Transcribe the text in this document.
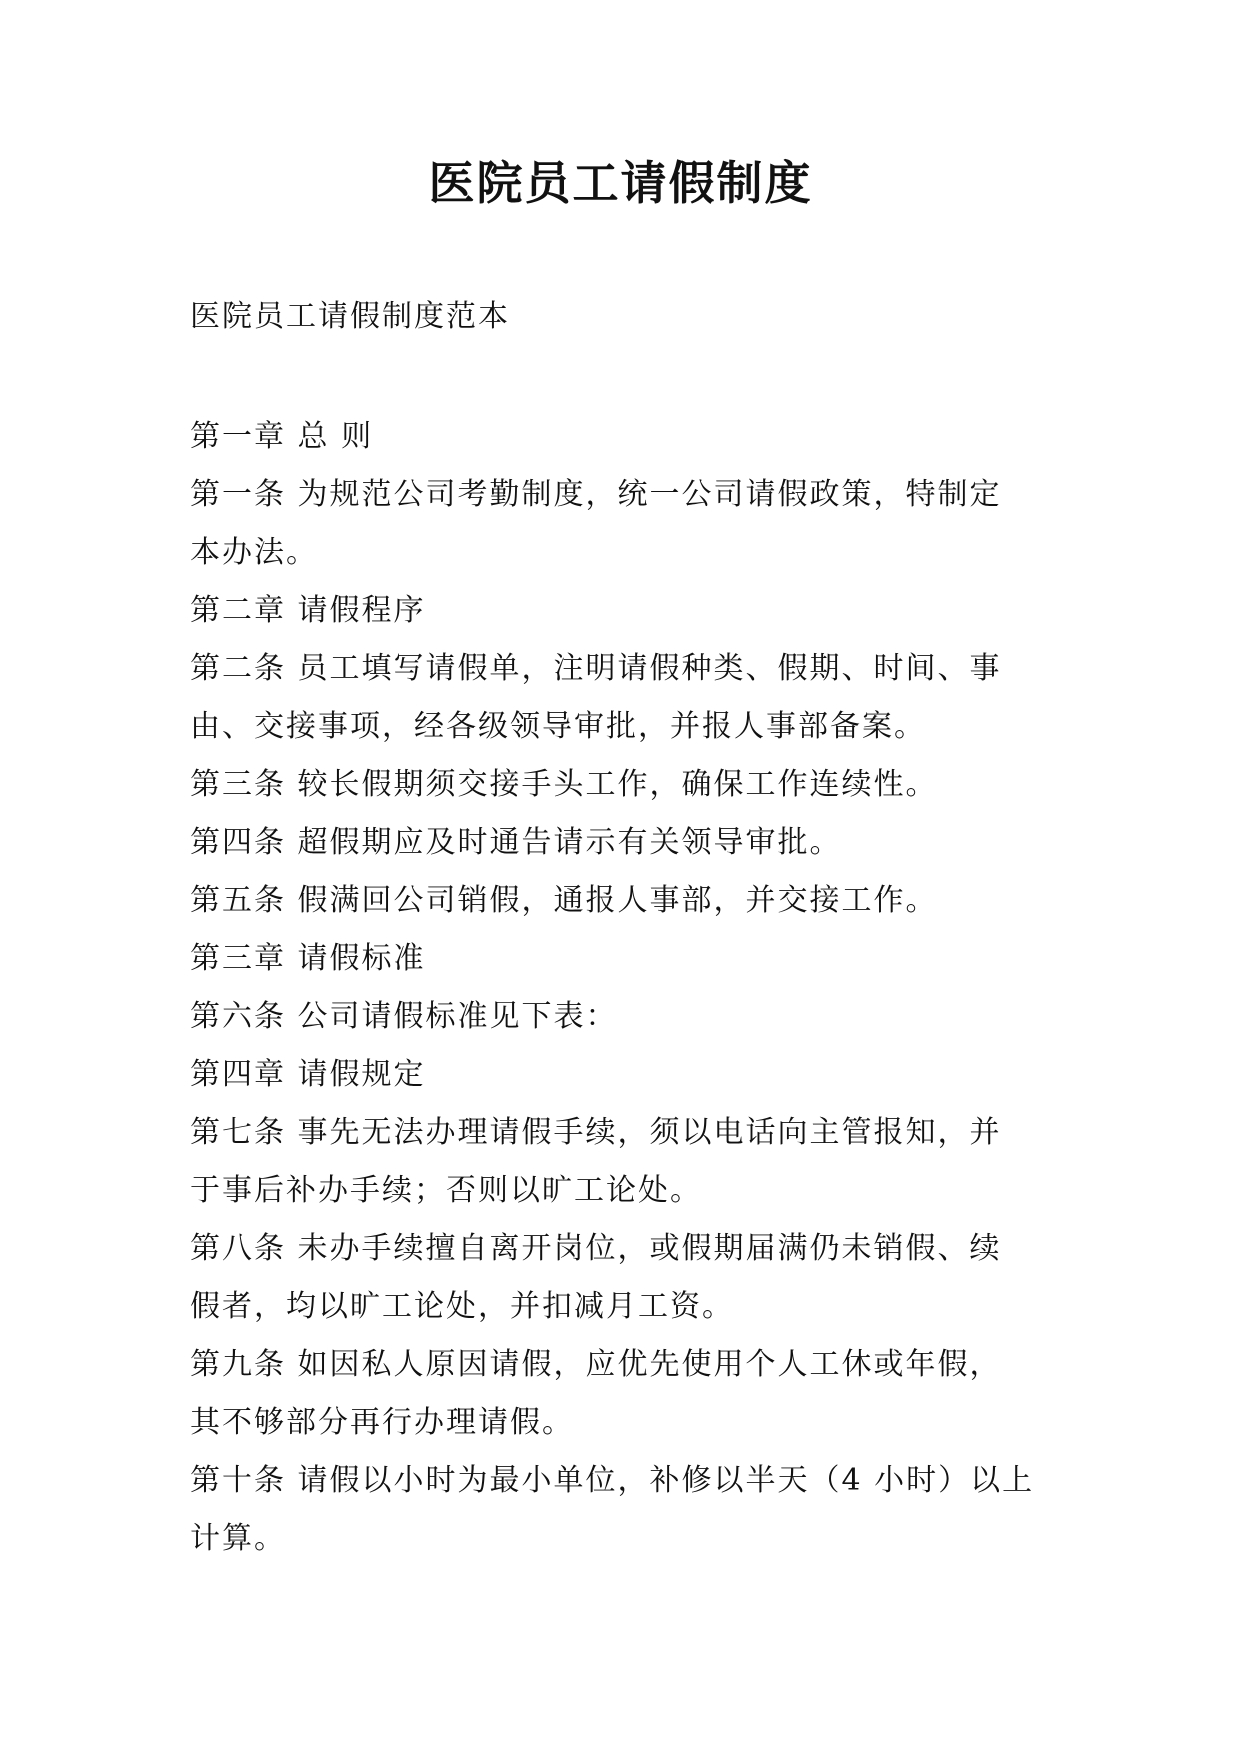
医院员工请假制度
医院员工请假制度范本
第一章 总 则
第一条 为规范公司考勤制度，统一公司请假政策，特制定
本办法。
第二章 请假程序
第二条 员工填写请假单，注明请假种类、假期、时间、事
由、交接事项，经各级领导审批，并报人事部备案。
第三条 较长假期须交接手头工作，确保工作连续性。
第四条 超假期应及时通告请示有关领导审批。
第五条 假满回公司销假，通报人事部，并交接工作。
第三章 请假标准
第六条 公司请假标准见下表：
第四章 请假规定
第七条 事先无法办理请假手续，须以电话向主管报知，并
于事后补办手续；否则以旷工论处。
第八条 未办手续擅自离开岗位，或假期届满仍未销假、续
假者，均以旷工论处，并扣减月工资。
第九条 如因私人原因请假，应优先使用个人工休或年假，
其不够部分再行办理请假。
第十条 请假以小时为最小单位，补修以半天（4 小时）以上
计算。
